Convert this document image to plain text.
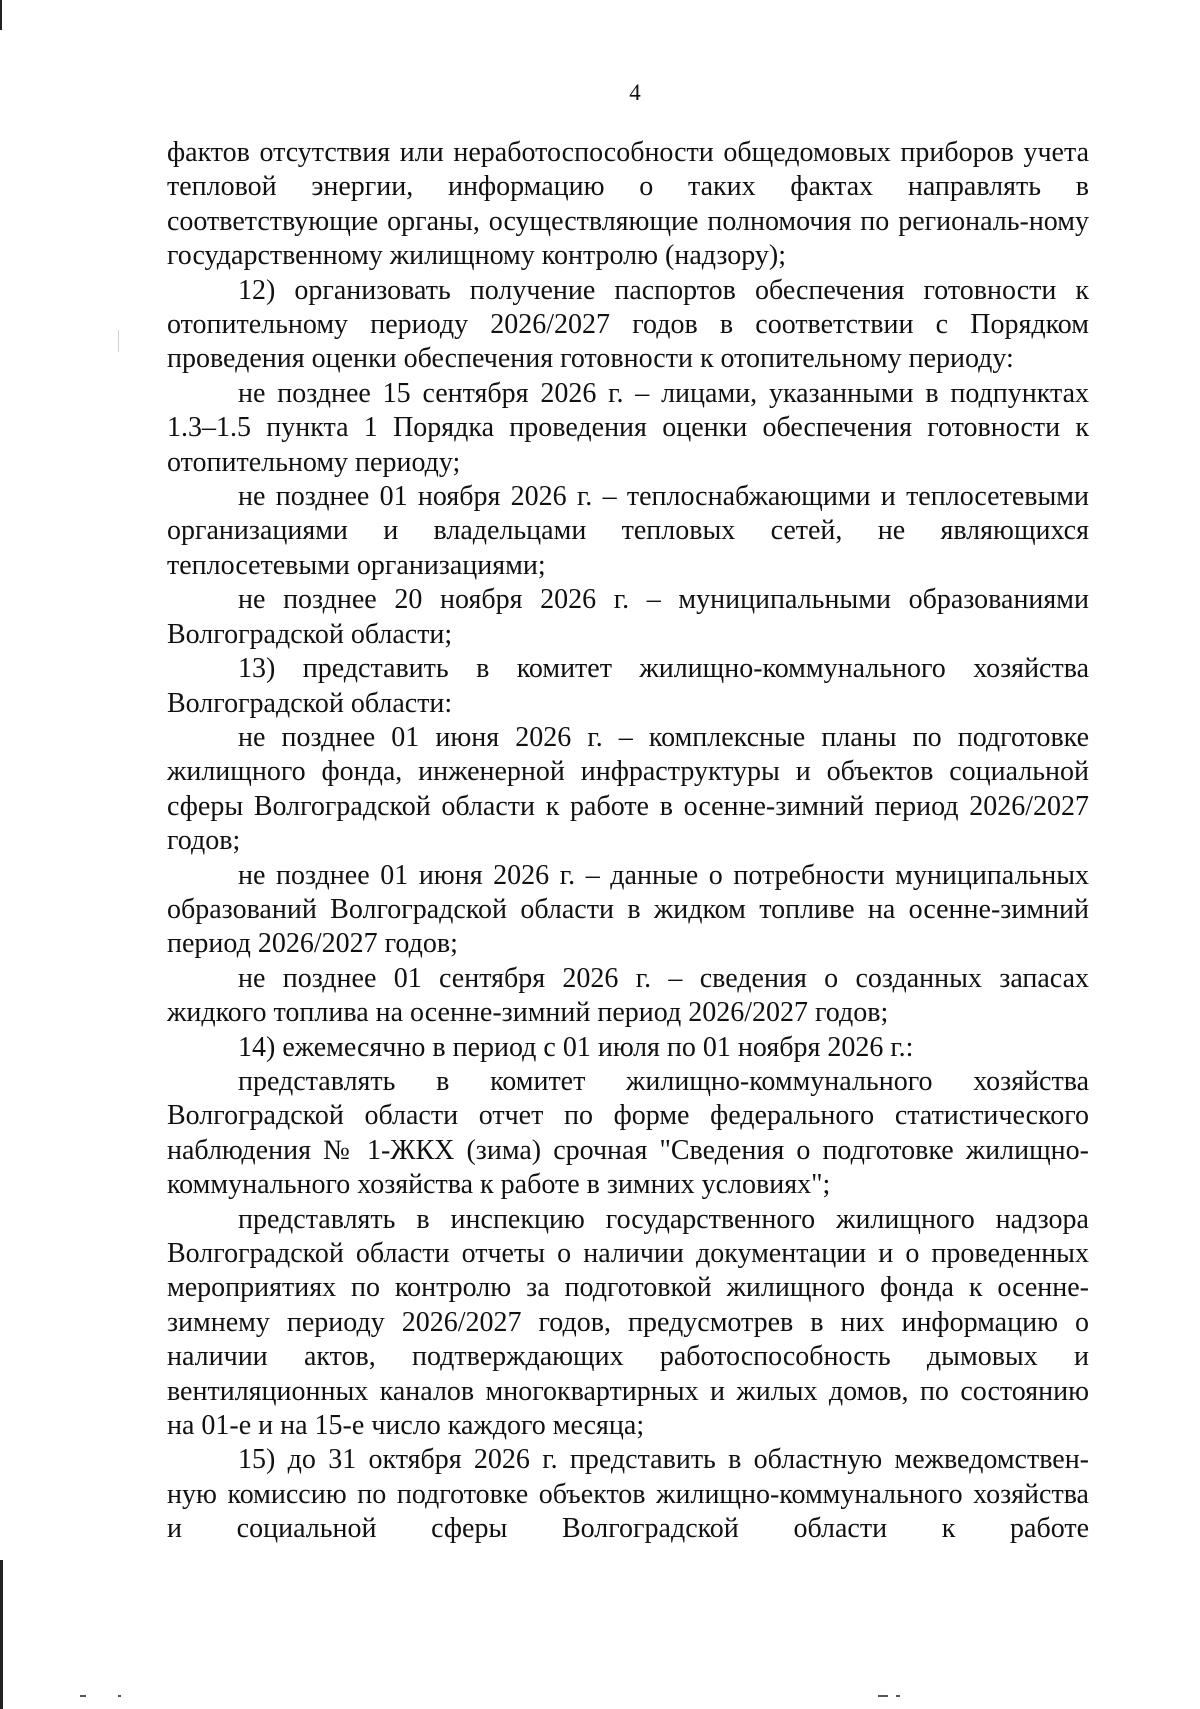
4

фактов отсутствия или неработоспособности общедомовых приборов учета тепловой энергии, информацию о таких фактах направлять в соответствующие органы, осуществляющие полномочия по региональ-ному государственному жилищному контролю (надзору);

12) организовать получение паспортов обеспечения готовности к отопительному периоду 2026/2027 годов в соответствии с Порядком проведения оценки обеспечения готовности к отопительному периоду:

не позднее 15 сентября 2026 г. – лицами, указанными в подпунктах 1.3–1.5 пункта 1 Порядка проведения оценки обеспечения готовности к отопительному периоду;

не позднее 01 ноября 2026 г. – теплоснабжающими и теплосетевыми организациями и владельцами тепловых сетей, не являющихся теплосетевыми организациями;

не позднее 20 ноября 2026 г. – муниципальными образованиями Волгоградской области;

13) представить в комитет жилищно-коммунального хозяйства Волгоградской области:

не позднее 01 июня 2026 г. – комплексные планы по подготовке жилищного фонда, инженерной инфраструктуры и объектов социальной сферы Волгоградской области к работе в осенне-зимний период 2026/2027 годов;

не позднее 01 июня 2026 г. – данные о потребности муниципальных образований Волгоградской области в жидком топливе на осенне-зимний период 2026/2027 годов;

не позднее 01 сентября 2026 г. – сведения о созданных запасах жидкого топлива на осенне-зимний период 2026/2027 годов;

14) ежемесячно в период с 01 июля по 01 ноября 2026 г.:

представлять в комитет жилищно-коммунального хозяйства Волгоградской области отчет по форме федерального статистического наблюдения № 1-ЖКХ (зима) срочная "Сведения о подготовке жилищно-коммунального хозяйства к работе в зимних условиях";

представлять в инспекцию государственного жилищного надзора Волгоградской области отчеты о наличии документации и о проведенных мероприятиях по контролю за подготовкой жилищного фонда к осенне-зимнему периоду 2026/2027 годов, предусмотрев в них информацию о наличии актов, подтверждающих работоспособность дымовых и вентиляционных каналов многоквартирных и жилых домов, по состоянию на 01-е и на 15-е число каждого месяца;

15) до 31 октября 2026 г. представить в областную межведомствен-ную комиссию по подготовке объектов жилищно-коммунального хозяйства и социальной сферы Волгоградской области к работе
